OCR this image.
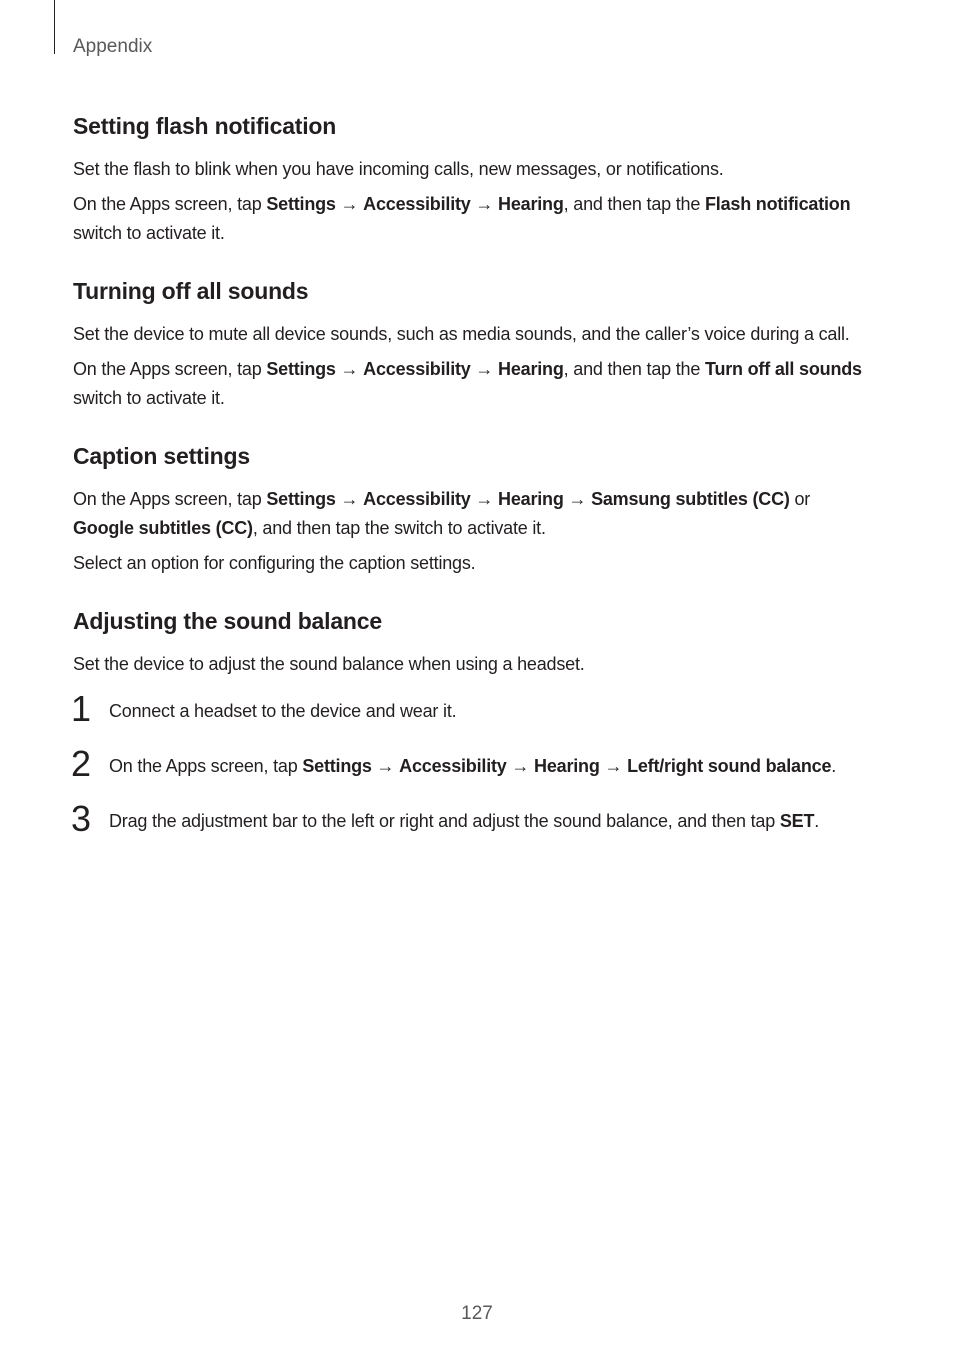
Appendix
Setting flash notification

Set the flash to blink when you have incoming calls, new messages, or notifications.

On the Apps screen, tap Settings → Accessibility → Hearing, and then tap the Flash notification switch to activate it.

Turning off all sounds

Set the device to mute all device sounds, such as media sounds, and the caller’s voice during a call.

On the Apps screen, tap Settings → Accessibility → Hearing, and then tap the Turn off all sounds switch to activate it.

Caption settings

On the Apps screen, tap Settings → Accessibility → Hearing → Samsung subtitles (CC) or Google subtitles (CC), and then tap the switch to activate it.

Select an option for configuring the caption settings.

Adjusting the sound balance

Set the device to adjust the sound balance when using a headset.

1 Connect a headset to the device and wear it.

2 On the Apps screen, tap Settings → Accessibility → Hearing → Left/right sound balance.

3 Drag the adjustment bar to the left or right and adjust the sound balance, and then tap SET.

127
